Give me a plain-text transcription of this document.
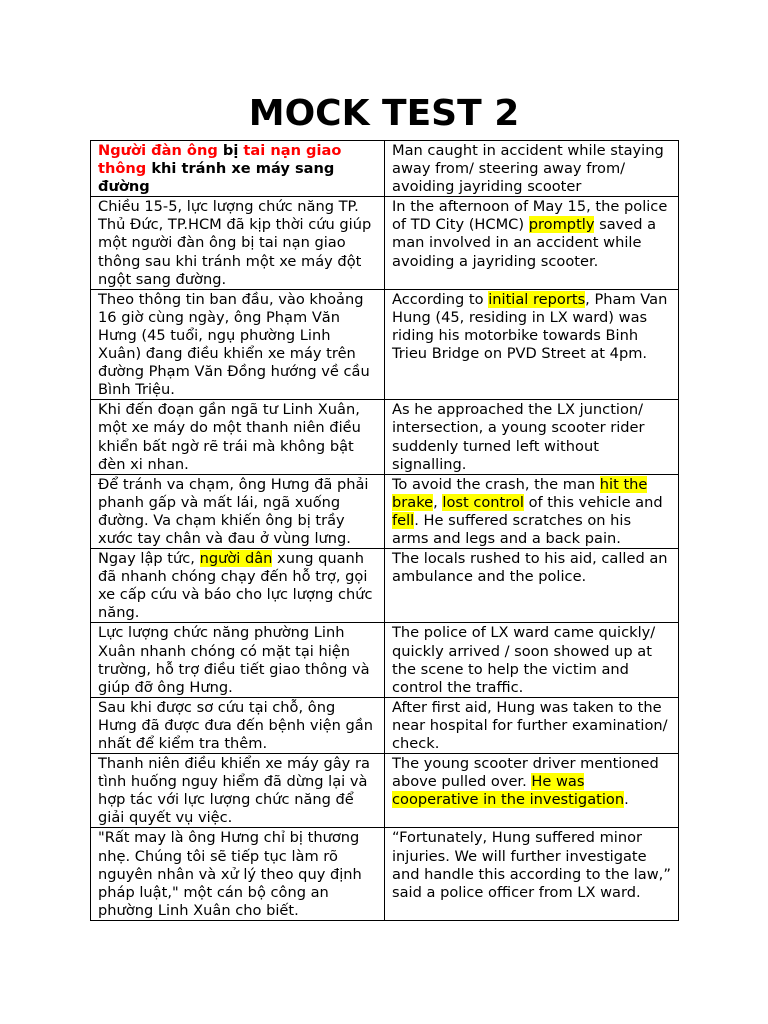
MOCK TEST 2
Người đàn ông bị tai nạn giao thông khi tránh xe máy sang đường	Man caught in accident while staying away from/ steering away from/ avoiding jayriding scooter
Chiều 15-5, lực lượng chức năng TP. Thủ Đức, TP.HCM đã kịp thời cứu giúp một người đàn ông bị tai nạn giao thông sau khi tránh một xe máy đột ngột sang đường.	In the afternoon of May 15, the police of TD City (HCMC) promptly saved a man involved in an accident while avoiding a jayriding scooter.
Theo thông tin ban đầu, vào khoảng 16 giờ cùng ngày, ông Phạm Văn Hưng (45 tuổi, ngụ phường Linh Xuân) đang điều khiển xe máy trên đường Phạm Văn Đồng hướng về cầu Bình Triệu.	According to initial reports, Pham Van Hung (45, residing in LX ward) was riding his motorbike towards Binh Trieu Bridge on PVD Street at 4pm.
Khi đến đoạn gần ngã tư Linh Xuân, một xe máy do một thanh niên điều khiển bất ngờ rẽ trái mà không bật đèn xi nhan.	As he approached the LX junction/ intersection, a young scooter rider suddenly turned left without signalling.
Để tránh va chạm, ông Hưng đã phải phanh gấp và mất lái, ngã xuống đường. Va chạm khiến ông bị trầy xước tay chân và đau ở vùng lưng.	To avoid the crash, the man hit the brake, lost control of this vehicle and fell. He suffered scratches on his arms and legs and a back pain.
Ngay lập tức, người dân xung quanh đã nhanh chóng chạy đến hỗ trợ, gọi xe cấp cứu và báo cho lực lượng chức năng.	The locals rushed to his aid, called an ambulance and the police.
Lực lượng chức năng phường Linh Xuân nhanh chóng có mặt tại hiện trường, hỗ trợ điều tiết giao thông và giúp đỡ ông Hưng.	The police of LX ward came quickly/ quickly arrived / soon showed up at the scene to help the victim and control the traffic.
Sau khi được sơ cứu tại chỗ, ông Hưng đã được đưa đến bệnh viện gần nhất để kiểm tra thêm.	After first aid, Hung was taken to the near hospital for further examination/ check.
Thanh niên điều khiển xe máy gây ra tình huống nguy hiểm đã dừng lại và hợp tác với lực lượng chức năng để giải quyết vụ việc.	The young scooter driver mentioned above pulled over. He was cooperative in the investigation.
"Rất may là ông Hưng chỉ bị thương nhẹ. Chúng tôi sẽ tiếp tục làm rõ nguyên nhân và xử lý theo quy định pháp luật," một cán bộ công an phường Linh Xuân cho biết.	“Fortunately, Hung suffered minor injuries. We will further investigate and handle this according to the law,” said a police officer from LX ward.
